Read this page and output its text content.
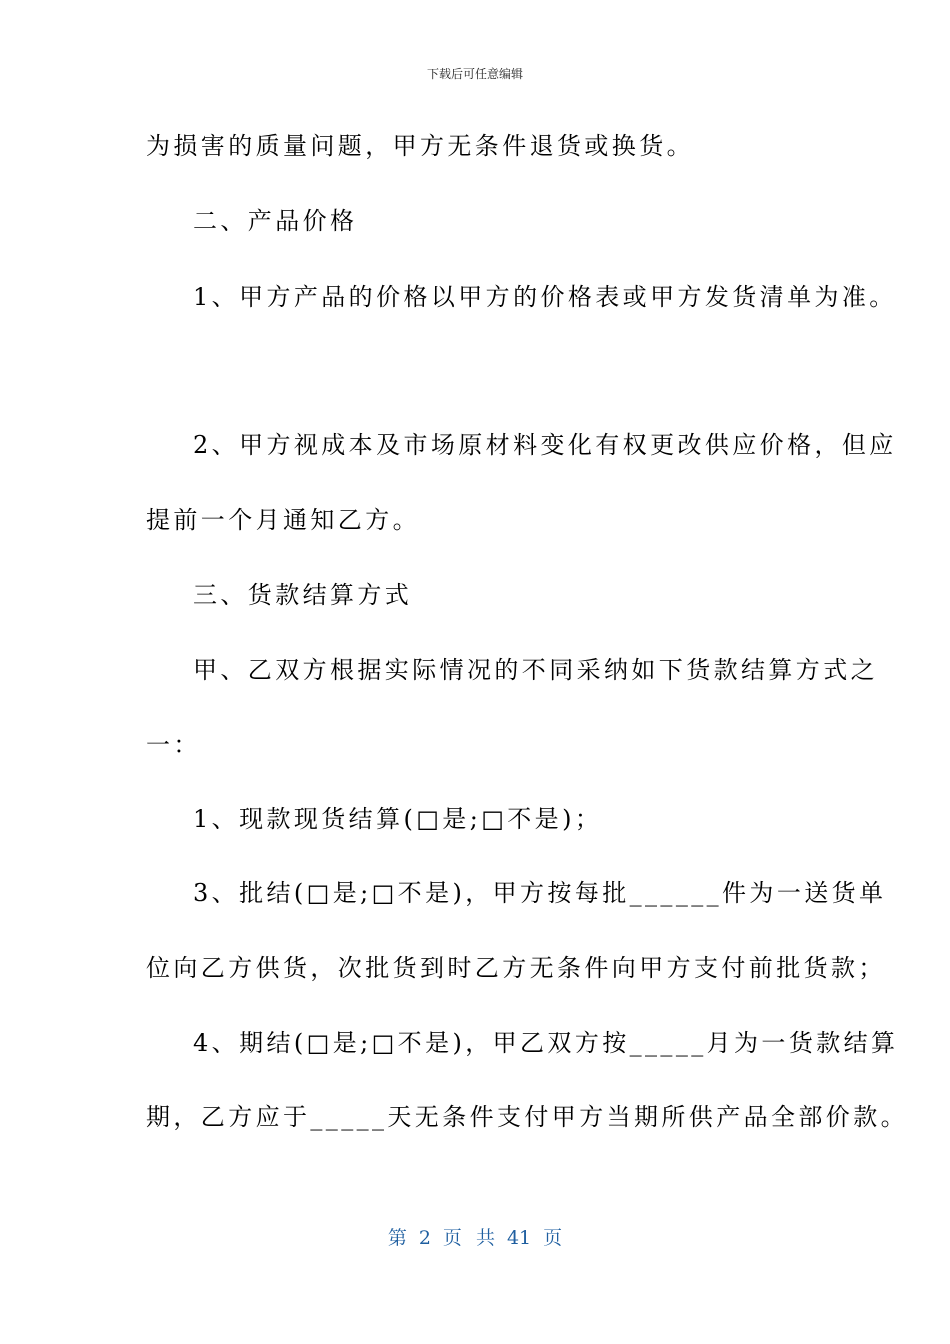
下载后可任意编辑
为损害的质量问题，甲方无条件退货或换货。
二、产品价格
1、甲方产品的价格以甲方的价格表或甲方发货清单为准。
2、甲方视成本及市场原材料变化有权更改供应价格，但应
提前一个月通知乙方。
三、货款结算方式
甲、乙双方根据实际情况的不同采纳如下货款结算方式之
一：
1、现款现货结算(□是;□不是)；
3、批结(□是;□不是)，甲方按每批______件为一送货单
位向乙方供货，次批货到时乙方无条件向甲方支付前批货款；
4、期结(□是;□不是)，甲乙双方按_____月为一货款结算
期，乙方应于_____天无条件支付甲方当期所供产品全部价款。
第 2 页 共 41 页
